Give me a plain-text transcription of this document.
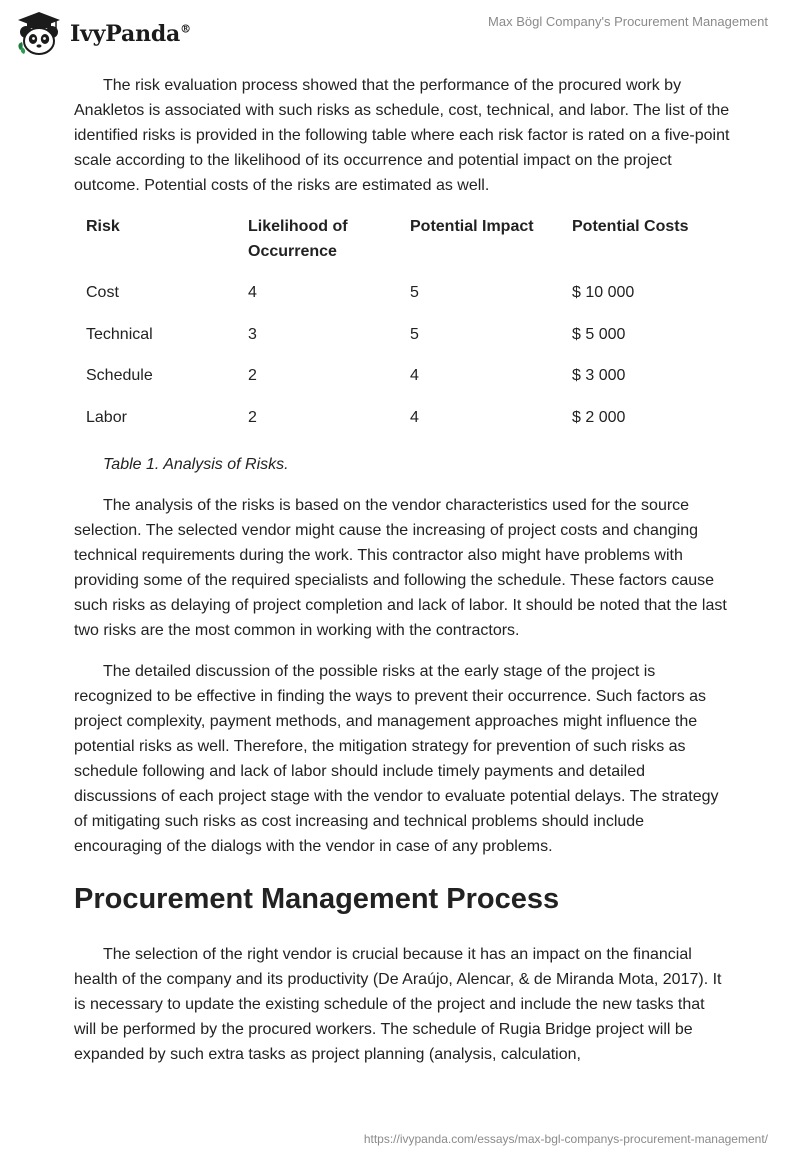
IvyPanda®
Max Bögl Company's Procurement Management

The risk evaluation process showed that the performance of the procured work by Anakletos is associated with such risks as schedule, cost, technical, and labor. The list of the identified risks is provided in the following table where each risk factor is rated on a five-point scale according to the likelihood of its occurrence and potential impact on the project outcome. Potential costs of the risks are estimated as well.

Risk	Likelihood of Occurrence	Potential Impact	Potential Costs
Cost	4	5	$ 10 000
Technical	3	5	$ 5 000
Schedule	2	4	$ 3 000
Labor	2	4	$ 2 000
Table 1. Analysis of Risks.

The analysis of the risks is based on the vendor characteristics used for the source selection. The selected vendor might cause the increasing of project costs and changing technical requirements during the work. This contractor also might have problems with providing some of the required specialists and following the schedule. These factors cause such risks as delaying of project completion and lack of labor. It should be noted that the last two risks are the most common in working with the contractors.

The detailed discussion of the possible risks at the early stage of the project is recognized to be effective in finding the ways to prevent their occurrence. Such factors as project complexity, payment methods, and management approaches might influence the potential risks as well. Therefore, the mitigation strategy for prevention of such risks as schedule following and lack of labor should include timely payments and detailed discussions of each project stage with the vendor to evaluate potential delays. The strategy of mitigating such risks as cost increasing and technical problems should include encouraging of the dialogs with the vendor in case of any problems.

Procurement Management Process

The selection of the right vendor is crucial because it has an impact on the financial health of the company and its productivity (De Araújo, Alencar, & de Miranda Mota, 2017). It is necessary to update the existing schedule of the project and include the new tasks that will be performed by the procured workers. The schedule of Rugia Bridge project will be expanded by such extra tasks as project planning (analysis, calculation,

https://ivypanda.com/essays/max-bgl-companys-procurement-management/
